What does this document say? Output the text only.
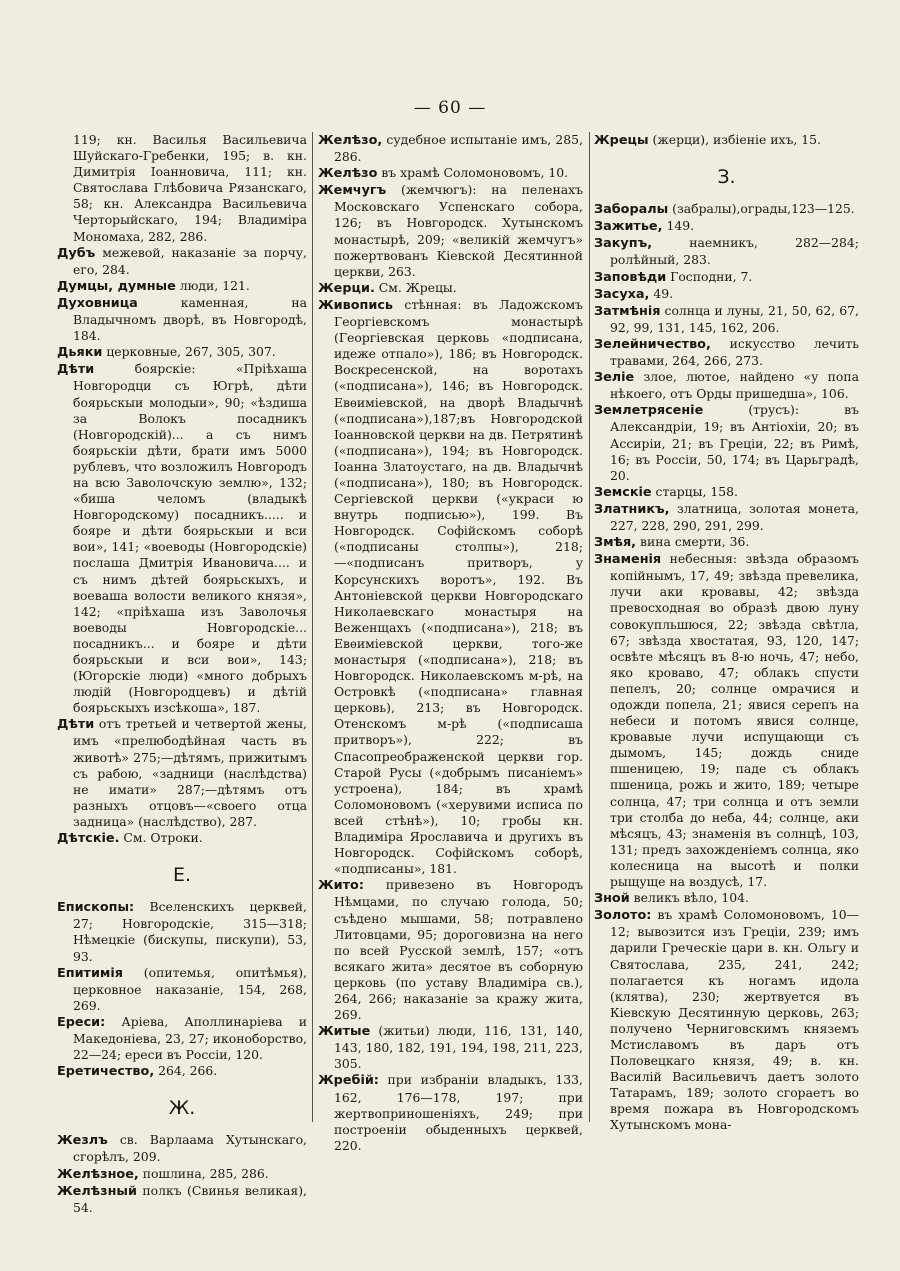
— 60 —
119; кн. Василья Васильевича Шуйскаго-Гребенки, 195; в. кн. Димитрія Іоанновича, 111; кн. Святослава Глѣбовича Рязанскаго, 58; кн. Александра Васильевича Черторыйскаго, 194; Владиміра Мономаха, 282, 286.
Дубъ межевой, наказаніе за порчу, его, 284.
Думцы, думные люди, 121.
Духовница	каменная, на Владычномъ дворѣ, въ Новгородѣ, 184.
Дьяки церковные, 267, 305, 307.
Дѣти	боярскіе: «Пріѣхаша Новгородци съ Югрѣ, дѣти боярьскыи молодыи», 90; «ѣздиша за Волокъ посадникъ (Новгородскій)... а съ нимъ боярьскіи дѣти, брати имъ 5000 рублевъ, что возложилъ Новгородъ на всю Заволочскую землю», 132; «биша челомъ (владыкѣ Новгородскому) посадникъ..... и бояре и дѣти боярьскыи и вси вои», 141; «воеводы (Новгородскіе) послаша Дмитрія Ивановича.... и съ нимъ дѣтей боярьскыхъ, и воеваша волости великого князя», 142; «пріѣхаша изъ Заволочья воеводы Новгородскіе... посадникъ... и бояре и дѣти боярьскыи и вси вои», 143; (Югорскіе люди) «много добрыхъ людій (Новгородцевъ) и дѣтій боярьскыхъ изсѣкоша», 187.
Дѣти отъ третьей и четвертой жены, имъ «прелюбодѣйная часть въ животѣ» 275;—дѣтямъ, прижитымъ съ рабою, «задници (наслѣдства) не имати» 287;—дѣтямъ отъ разныхъ отцовъ—«своего отца задница» (наслѣдство), 287.
Дѣтскіе. См. Отроки.
Е.
Епископы: Вселенскихъ церквей, 27; Новгородскіе, 315—318; Нѣмецкіе (бискупы, пискупи), 53, 93.
Епитимія (опитемья, опитѣмья), церковное наказаніе, 154, 268, 269.
Ереси: Аріева, Аполлинаріева и Македоніева, 23, 27; иконоборство, 22—24; ереси въ Россіи, 120.
Еретичество, 264, 266.
Ж.
Жезлъ св. Варлаама Хутынскаго, сгорѣлъ, 209.
Желѣзное, пошлина, 285, 286.
Желѣзный полкъ (Свинья великая), 54.
Желѣзо, судебное испытаніе имъ, 285, 286.
Желѣзо въ храмѣ Соломоновомъ, 10.
Жемчугъ (жемчюгъ): на пеленахъ Московскаго Успенскаго собора, 126; въ Новгородск. Хутынскомъ монастырѣ, 209; «великій жемчугъ» пожертвованъ Кіевской Десятинной церкви, 263.
Жерци. См. Жрецы.
Живопись стѣнная: въ Ладожскомъ Георгіевскомъ монастырѣ (Георгіевская церковь «подписана, идеже отпало»), 186; въ Новгородск. Воскресенской, на воротахъ («подписана»), 146; въ Новгородск. Евѳиміевской, на дворѣ Владычнѣ («подписана»),187;въ Новгородской Іоанновской церкви на дв. Петрятинѣ («подписана»), 194; въ Новгородск. Іоанна Златоустаго, на дв. Владычнѣ («подписана»), 180; въ Новгородск. Сергіевской церкви («украси ю внутрь подписью»), 199. Въ Новгородск. Софійскомъ соборѣ («подписаны столпы»), 218;—«подписанъ притворъ, у Корсунскихъ воротъ», 192. Въ Антоніевской церкви Новгородскаго Николаевскаго монастыря на Веженщахъ («подписана»), 218; въ Евѳиміевской церкви, того-же монастыря («подписана»), 218; въ Новгородск. Николаевскомъ м-рѣ, на Островкѣ («подписана» главная церковь), 213; въ Новгородск. Отенскомъ м-рѣ («подписаша притворъ»), 222; въ Спасопреображенской церкви гор. Старой Русы («добрымъ писаніемъ» устроена), 184; въ храмѣ Соломоновомъ («херувими исписа по всей стѣнѣ»), 10; гробы кн. Владиміра Ярославича и другихъ въ Новгородск. Софійскомъ соборѣ, «подписаны», 181.
Жито: привезено въ Новгородъ Нѣмцами, по случаю голода, 50; съѣдено мышами, 58; потравлено Литовцами, 95; дороговизна на него по всей Русской землѣ, 157; «отъ всякаго жита» десятое въ соборную церковь (по уставу Владиміра св.), 264, 266; наказаніе за кражу жита, 269.
Житые (житьи) люди, 116, 131, 140, 143, 180, 182, 191, 194, 198, 211, 223, 305.
Жребій: при избраніи владыкъ, 133, 162, 176—178, 197; при жертвоприношеніяхъ, 249; при построеніи обыденныхъ церквей, 220.
Жрецы (жерци), избіеніе ихъ, 15.
З.
Заборалы (забралы),ограды,123—125.
Зажитье, 149.
Закупъ,	наемникъ, 282—284; ролѣйный, 283.
Заповѣди Господни, 7.
Засуха, 49.
Затмѣнія солнца и луны, 21, 50, 62, 67, 92, 99, 131, 145, 162, 206.
Зелейничество, искусство лечить травами, 264, 266, 273.
Зеліе злое, лютое, найдено «у попа нѣкоего, отъ Орды пришедша», 106.
Землетрясеніе	(трусъ): въ Александріи, 19; въ Антіохіи, 20; въ Ассиріи, 21; въ Греціи, 22; въ Римѣ, 16; въ Россіи, 50, 174; въ Царьградѣ, 20.
Земскіе старцы, 158.
Златникъ, златница, золотая монета, 227, 228, 290, 291, 299.
Змѣя, вина смерти, 36.
Знаменія небесныя: звѣзда образомъ копійнымъ, 17, 49; звѣзда превелика, лучи аки кровавы, 42; звѣзда превосходная во образѣ двою луну совокупльшюся, 22; звѣзда свѣтла, 67; звѣзда хвостатая, 93, 120, 147; освѣте мѣсяцъ въ 8-ю ночь, 47; небо, яко кроваво, 47; облакъ спусти пепелъ, 20; солнце омрачися и одожди попела, 21; явися серепъ на небеси и потомъ явися солнце, кровавые лучи испущающи съ дымомъ, 145; дождь сниде пшеницею, 19; паде съ облакъ пшеница, рожь и жито, 189; четыре солнца, 47; три солнца и отъ земли три столба до неба, 44; солнце, аки мѣсяцъ, 43; знаменія въ солнцѣ, 103, 131; предъ захожденіемъ солнца, яко колесница на высотѣ и полки рыщуще на воздусѣ, 17.
Зной великъ вѣло, 104.
Золото: въ храмѣ Соломоновомъ, 10—12; вывозится изъ Греціи, 239; имъ дарили Греческіе цари в. кн. Ольгу и Святослава, 235, 241, 242; полагается къ ногамъ идола (клятва), 230; жертвуется въ Кіевскую Десятинную церковь, 263; получено Черниговскимъ княземъ Мстиславомъ въ даръ отъ Половецкаго князя, 49; в. кн. Василій Васильевичъ даетъ золото Татарамъ, 189; золото сгораетъ во время пожара въ Новгородскомъ Хутынскомъ мона-
